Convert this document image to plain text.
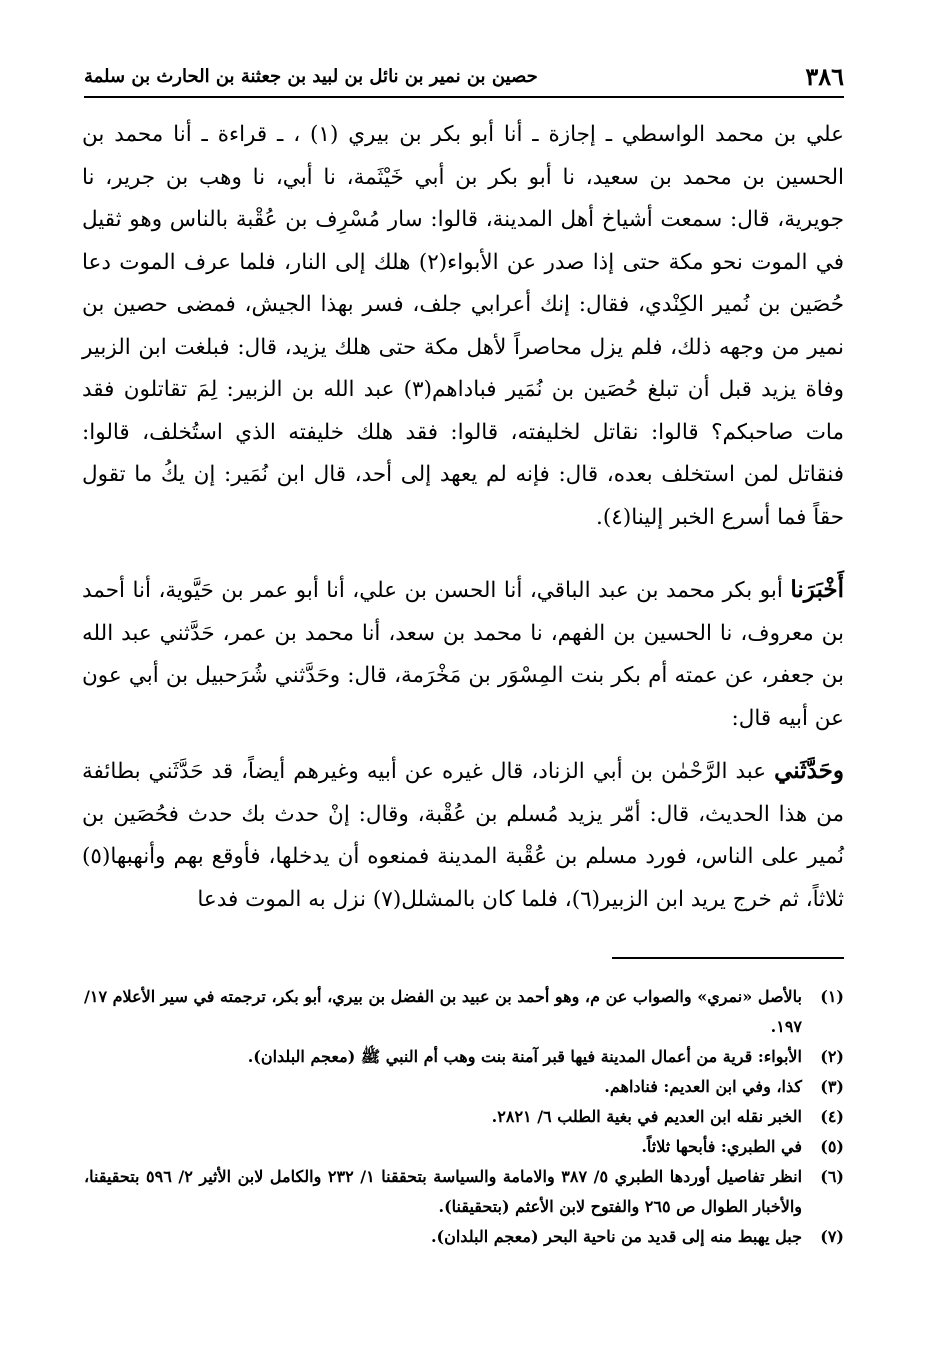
٣٨٦
حصين بن نمير بن نائل بن لبيد بن جعثنة بن الحارث بن سلمة

علي بن محمد الواسطي ـ إجازة ـ أنا أبو بكر بن بيري (١) ، ـ قراءة ـ أنا محمد بن الحسين بن محمد بن سعيد، نا أبو بكر بن أبي خَيْثَمة، نا أبي، نا وهب بن جرير، نا جويرية، قال: سمعت أشياخ أهل المدينة، قالوا: سار مُسْرِف بن عُقْبة بالناس وهو ثقيل في الموت نحو مكة حتى إذا صدر عن الأبواء(٢) هلك إلى النار، فلما عرف الموت دعا حُصَين بن نُمير الكِنْدي، فقال: إنك أعرابي جلف، فسر بهذا الجيش، فمضى حصين بن نمير من وجهه ذلك، فلم يزل محاصراً لأهل مكة حتى هلك يزيد، قال: فبلغت ابن الزبير وفاة يزيد قبل أن تبلغ حُصَين بن نُمَير فباداهم(٣) عبد الله بن الزبير: لِمَ تقاتلون فقد مات صاحبكم؟ قالوا: نقاتل لخليفته، قالوا: فقد هلك خليفته الذي استُخلف، قالوا: فنقاتل لمن استخلف بعده، قال: فإنه لم يعهد إلى أحد، قال ابن نُمَير: إن يكُ ما تقول حقاً فما أسرع الخبر إلينا(٤).

أَخْبَرَنا أبو بكر محمد بن عبد الباقي، أنا الحسن بن علي، أنا أبو عمر بن حَيَّوية، أنا أحمد بن معروف، نا الحسين بن الفهم، نا محمد بن سعد، أنا محمد بن عمر، حَدَّثني عبد الله بن جعفر، عن عمته أم بكر بنت المِسْوَر بن مَخْرَمة، قال: وحَدَّثني شُرَحبيل بن أبي عون عن أبيه قال:

وحَدَّثَني عبد الرَّحْمٰن بن أبي الزناد، قال غيره عن أبيه وغيرهم أيضاً، قد حَدَّثَني بطائفة من هذا الحديث، قال: أمّر يزيد مُسلم بن عُقْبة، وقال: إنْ حدث بك حدث فحُصَين بن نُمير على الناس، فورد مسلم بن عُقْبة المدينة فمنعوه أن يدخلها، فأوقع بهم وأنهبها(٥) ثلاثاً، ثم خرج يريد ابن الزبير(٦)، فلما كان بالمشلل(٧) نزل به الموت فدعا

(١)
بالأصل «نمري» والصواب عن م، وهو أحمد بن عبيد بن الفضل بن بيري، أبو بكر، ترجمته في سير الأعلام ١٧/ ١٩٧.
(٢)
الأبواء: قرية من أعمال المدينة فيها قبر آمنة بنت وهب أم النبي ﷺ (معجم البلدان).
(٣)
كذا، وفي ابن العديم: فناداهم.
(٤)
الخبر نقله ابن العديم في بغية الطلب ٦/ ٢٨٢١.
(٥)
في الطبري: فأبحها ثلاثاً.
(٦)
انظر تفاصيل أوردها الطبري ٥/ ٣٨٧ والامامة والسياسة بتحققنا ١/ ٢٣٢ والكامل لابن الأثير ٢/ ٥٩٦ بتحقيقنا، والأخبار الطوال ص ٢٦٥ والفتوح لابن الأعثم (بتحقيقنا).
(٧)
جبل يهبط منه إلى قديد من ناحية البحر (معجم البلدان).
